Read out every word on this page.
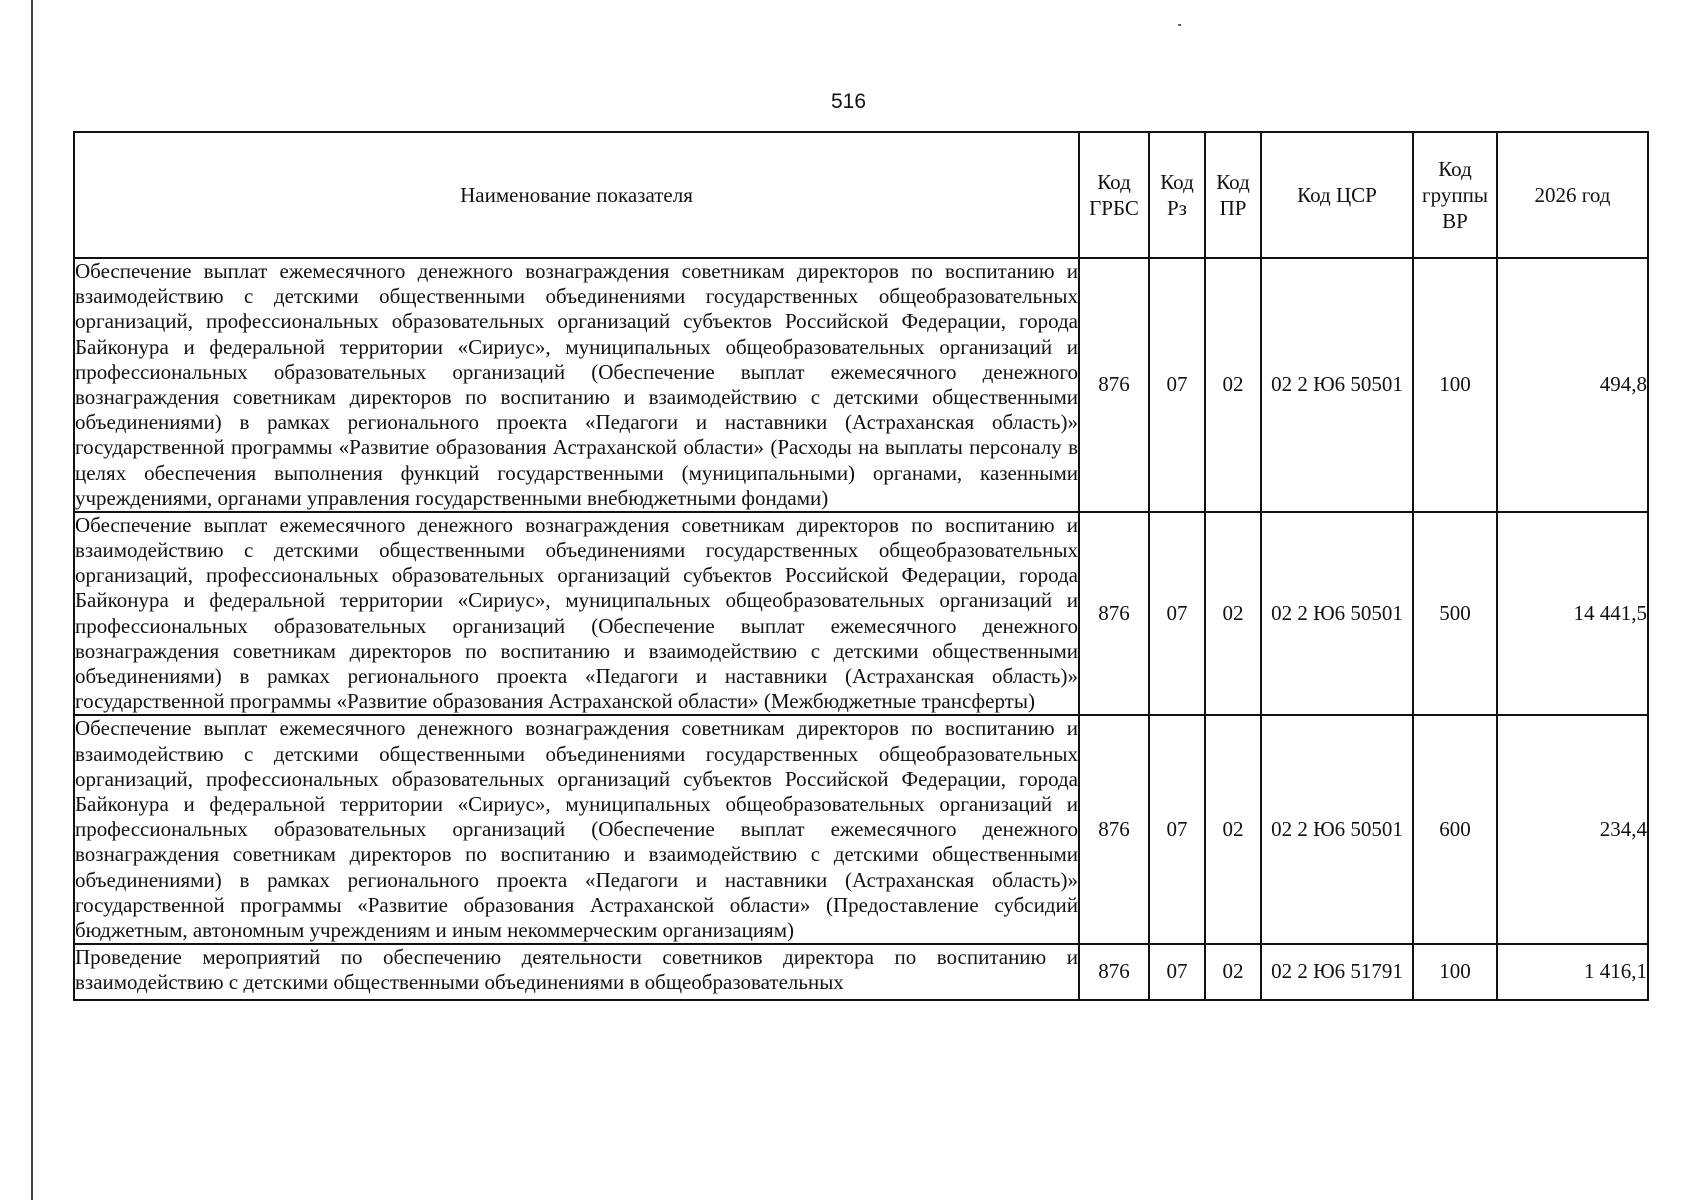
516
Наименование показателя	Код ГРБС	Код Рз	Код ПР	Код ЦСР	Код группы ВР	2026 год
Обеспечение выплат ежемесячного денежного вознаграждения советникам директоров по воспитанию и взаимодействию с детскими общественными объединениями государственных общеобразовательных организаций, профессиональных образовательных организаций субъектов Российской Федерации, города Байконура и федеральной территории «Сириус», муниципальных общеобразовательных организаций и профессиональных образовательных организаций (Обеспечение выплат ежемесячного денежного вознаграждения советникам директоров по воспитанию и взаимодействию с детскими общественными объединениями) в рамках регионального проекта «Педагоги и наставники (Астраханская область)» государственной программы «Развитие образования Астраханской области» (Расходы на выплаты персоналу в целях обеспечения выполнения функций государственными (муниципальными) органами, казенными учреждениями, органами управления государственными внебюджетными фондами)	876	07	02	02 2 Ю6 50501	100	494,8
Обеспечение выплат ежемесячного денежного вознаграждения советникам директоров по воспитанию и взаимодействию с детскими общественными объединениями государственных общеобразовательных организаций, профессиональных образовательных организаций субъектов Российской Федерации, города Байконура и федеральной территории «Сириус», муниципальных общеобразовательных организаций и профессиональных образовательных организаций (Обеспечение выплат ежемесячного денежного вознаграждения советникам директоров по воспитанию и взаимодействию с детскими общественными объединениями) в рамках регионального проекта «Педагоги и наставники (Астраханская область)» государственной программы «Развитие образования Астраханской области» (Межбюджетные трансферты)	876	07	02	02 2 Ю6 50501	500	14 441,5
Обеспечение выплат ежемесячного денежного вознаграждения советникам директоров по воспитанию и взаимодействию с детскими общественными объединениями государственных общеобразовательных организаций, профессиональных образовательных организаций субъектов Российской Федерации, города Байконура и федеральной территории «Сириус», муниципальных общеобразовательных организаций и профессиональных образовательных организаций (Обеспечение выплат ежемесячного денежного вознаграждения советникам директоров по воспитанию и взаимодействию с детскими общественными объединениями) в рамках регионального проекта «Педагоги и наставники (Астраханская область)» государственной программы «Развитие образования Астраханской области» (Предоставление субсидий бюджетным, автономным учреждениям и иным некоммерческим организациям)	876	07	02	02 2 Ю6 50501	600	234,4
Проведение мероприятий по обеспечению деятельности советников директора по воспитанию и взаимодействию с детскими общественными объединениями в общеобразовательных	876	07	02	02 2 Ю6 51791	100	1 416,1
